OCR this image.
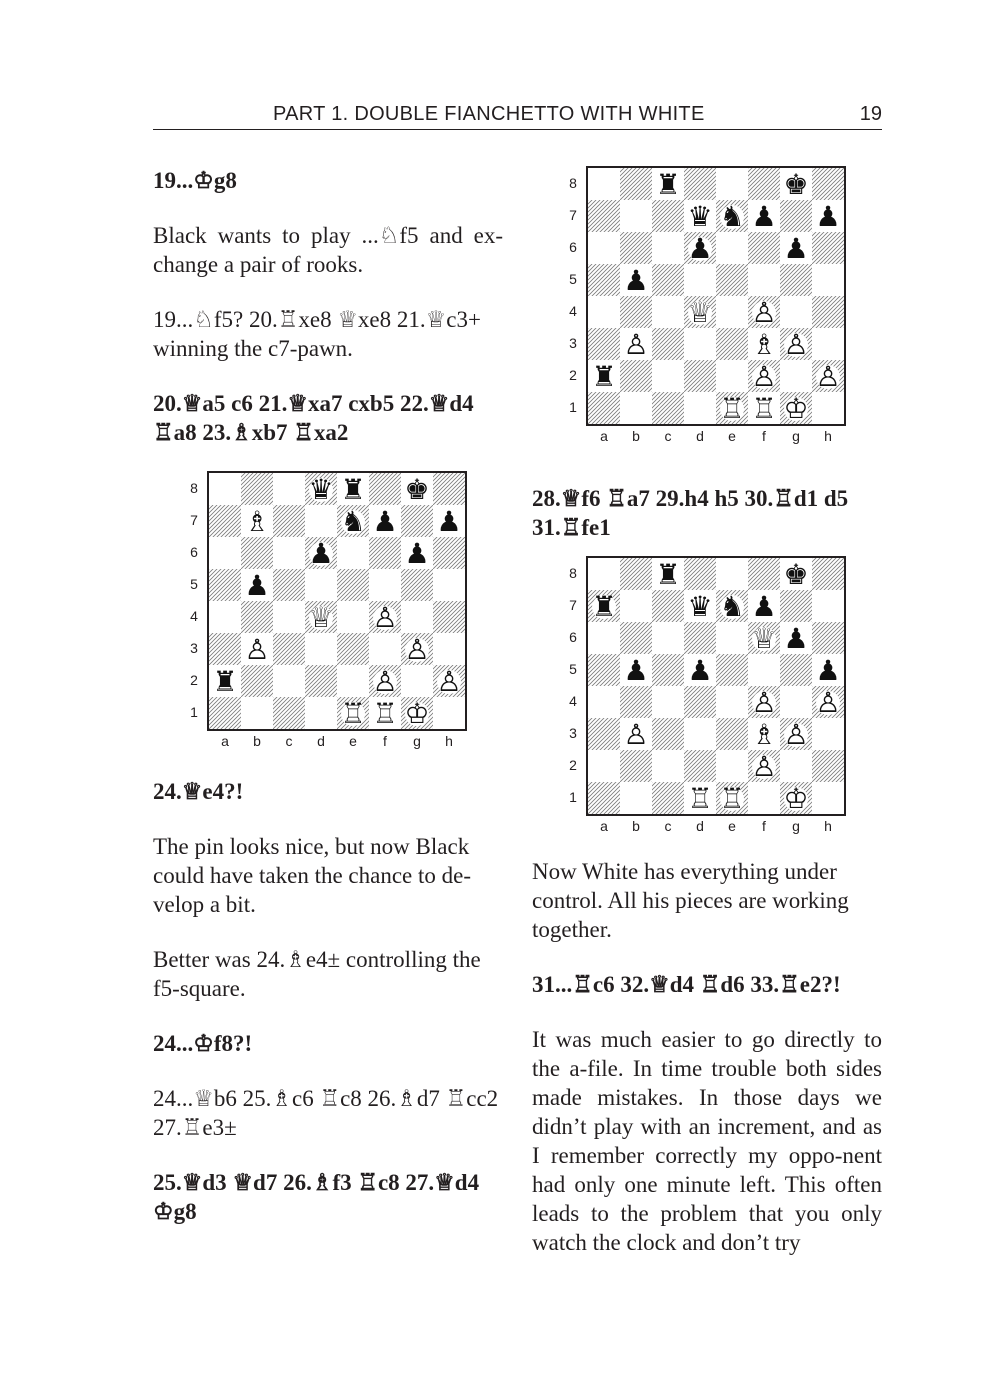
PART 1. DOUBLE FIANCHETTO WITH WHITE	19

19...♔g8

Black wants to play ...♘f5 and ex-change a pair of rooks.

19...♘f5? 20.♖xe8 ♕xe8 21.♕c3+ winning the c7-pawn.

20.♕a5 c6 21.♕xa7 cxb5 22.♕d4 ♖a8 23.♗xb7 ♖xa2

♛ ♜ ♚
♗	♞ ♟ ♟
♟	♟
♟
♕ ♙
♙	♙
♜	♙ ♙
♖ ♖ ♔
8
7
6
5
4
3
2
1
a	b	c	d	e	f	g	h

24.♕e4?!

The pin looks nice, but now Black could have taken the chance to de-velop a bit.

Better was 24.♗e4± controlling the f5-square.

24...♔f8?!

24...♕b6 25.♗c6 ♖c8 26.♗d7 ♖cc2 27.♖e3±

25.♕d3 ♕d7 26.♗f3 ♖c8 27.♕d4 ♔g8

♜	♚
♛ ♞ ♟ ♟
♟	♟
♟
♕ ♙
♙	♗ ♙
♜	♙ ♙
♖ ♖ ♔
8
7
6
5
4
3
2
1
a	b	c	d	e	f	g	h

28.♕f6 ♖a7 29.h4 h5 30.♖d1 d5 31.♖fe1

♜	♚
♜	♛ ♞ ♟
♕ ♟
♟ ♟	♟
♙ ♙
♙	♗ ♙
♙
♖ ♖ ♔
8
7
6
5
4
3
2
1
a	b	c	d	e	f	g	h

Now White has everything under control. All his pieces are working together.

31...♖c6 32.♕d4 ♖d6 33.♖e2?!

It was much easier to go directly to the a-file. In time trouble both sides made mistakes. In those days we didn’t play with an increment, and as I remember correctly my oppo-nent had only one minute left. This often leads to the problem that you only watch the clock and don’t try
